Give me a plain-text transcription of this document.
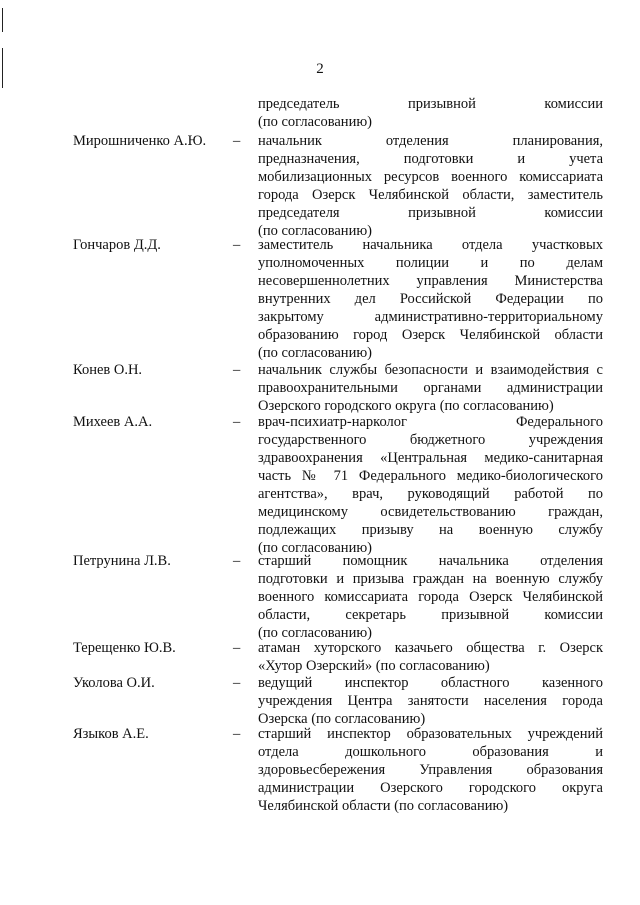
2
председатель призывной комиссии
(по согласованию)
Мирошниченко А.Ю. – начальник отделения планирования,
предназначения, подготовки и учета
мобилизационных ресурсов военного комиссариата
города Озерск Челябинской области, заместитель
председателя призывной комиссии
(по согласованию)
Гончаров Д.Д.	– заместитель начальника отдела участковых
уполномоченных полиции и по делам
несовершеннолетних управления Министерства
внутренних дел Российской Федерации по
закрытому административно-территориальному
образованию город Озерск Челябинской области
(по согласованию)
Конев О.Н.	– начальник службы безопасности и взаимодействия с
правоохранительными органами администрации
Озерского городского округа (по согласованию)
Михеев А.А.	– врач-психиатр-нарколог Федерального
государственного бюджетного учреждения
здравоохранения «Центральная медико-санитарная
часть № 71 Федерального медико-биологического
агентства», врач, руководящий работой по
медицинскому освидетельствованию граждан,
подлежащих призыву на военную службу
(по согласованию)
Петрунина Л.В.	– старший помощник начальника отделения
подготовки и призыва граждан на военную службу
военного комиссариата города Озерск Челябинской
области, секретарь призывной комиссии
(по согласованию)
Терещенко Ю.В.	– атаман хуторского казачьего общества г. Озерск
«Хутор Озерский» (по согласованию)
Уколова О.И.	– ведущий инспектор областного казенного
учреждения Центра занятости населения города
Озерска (по согласованию)
Языков А.Е.	– старший инспектор образовательных учреждений
отдела дошкольного образования и
здоровьесбережения Управления образования
администрации Озерского городского округа
Челябинской области (по согласованию)
